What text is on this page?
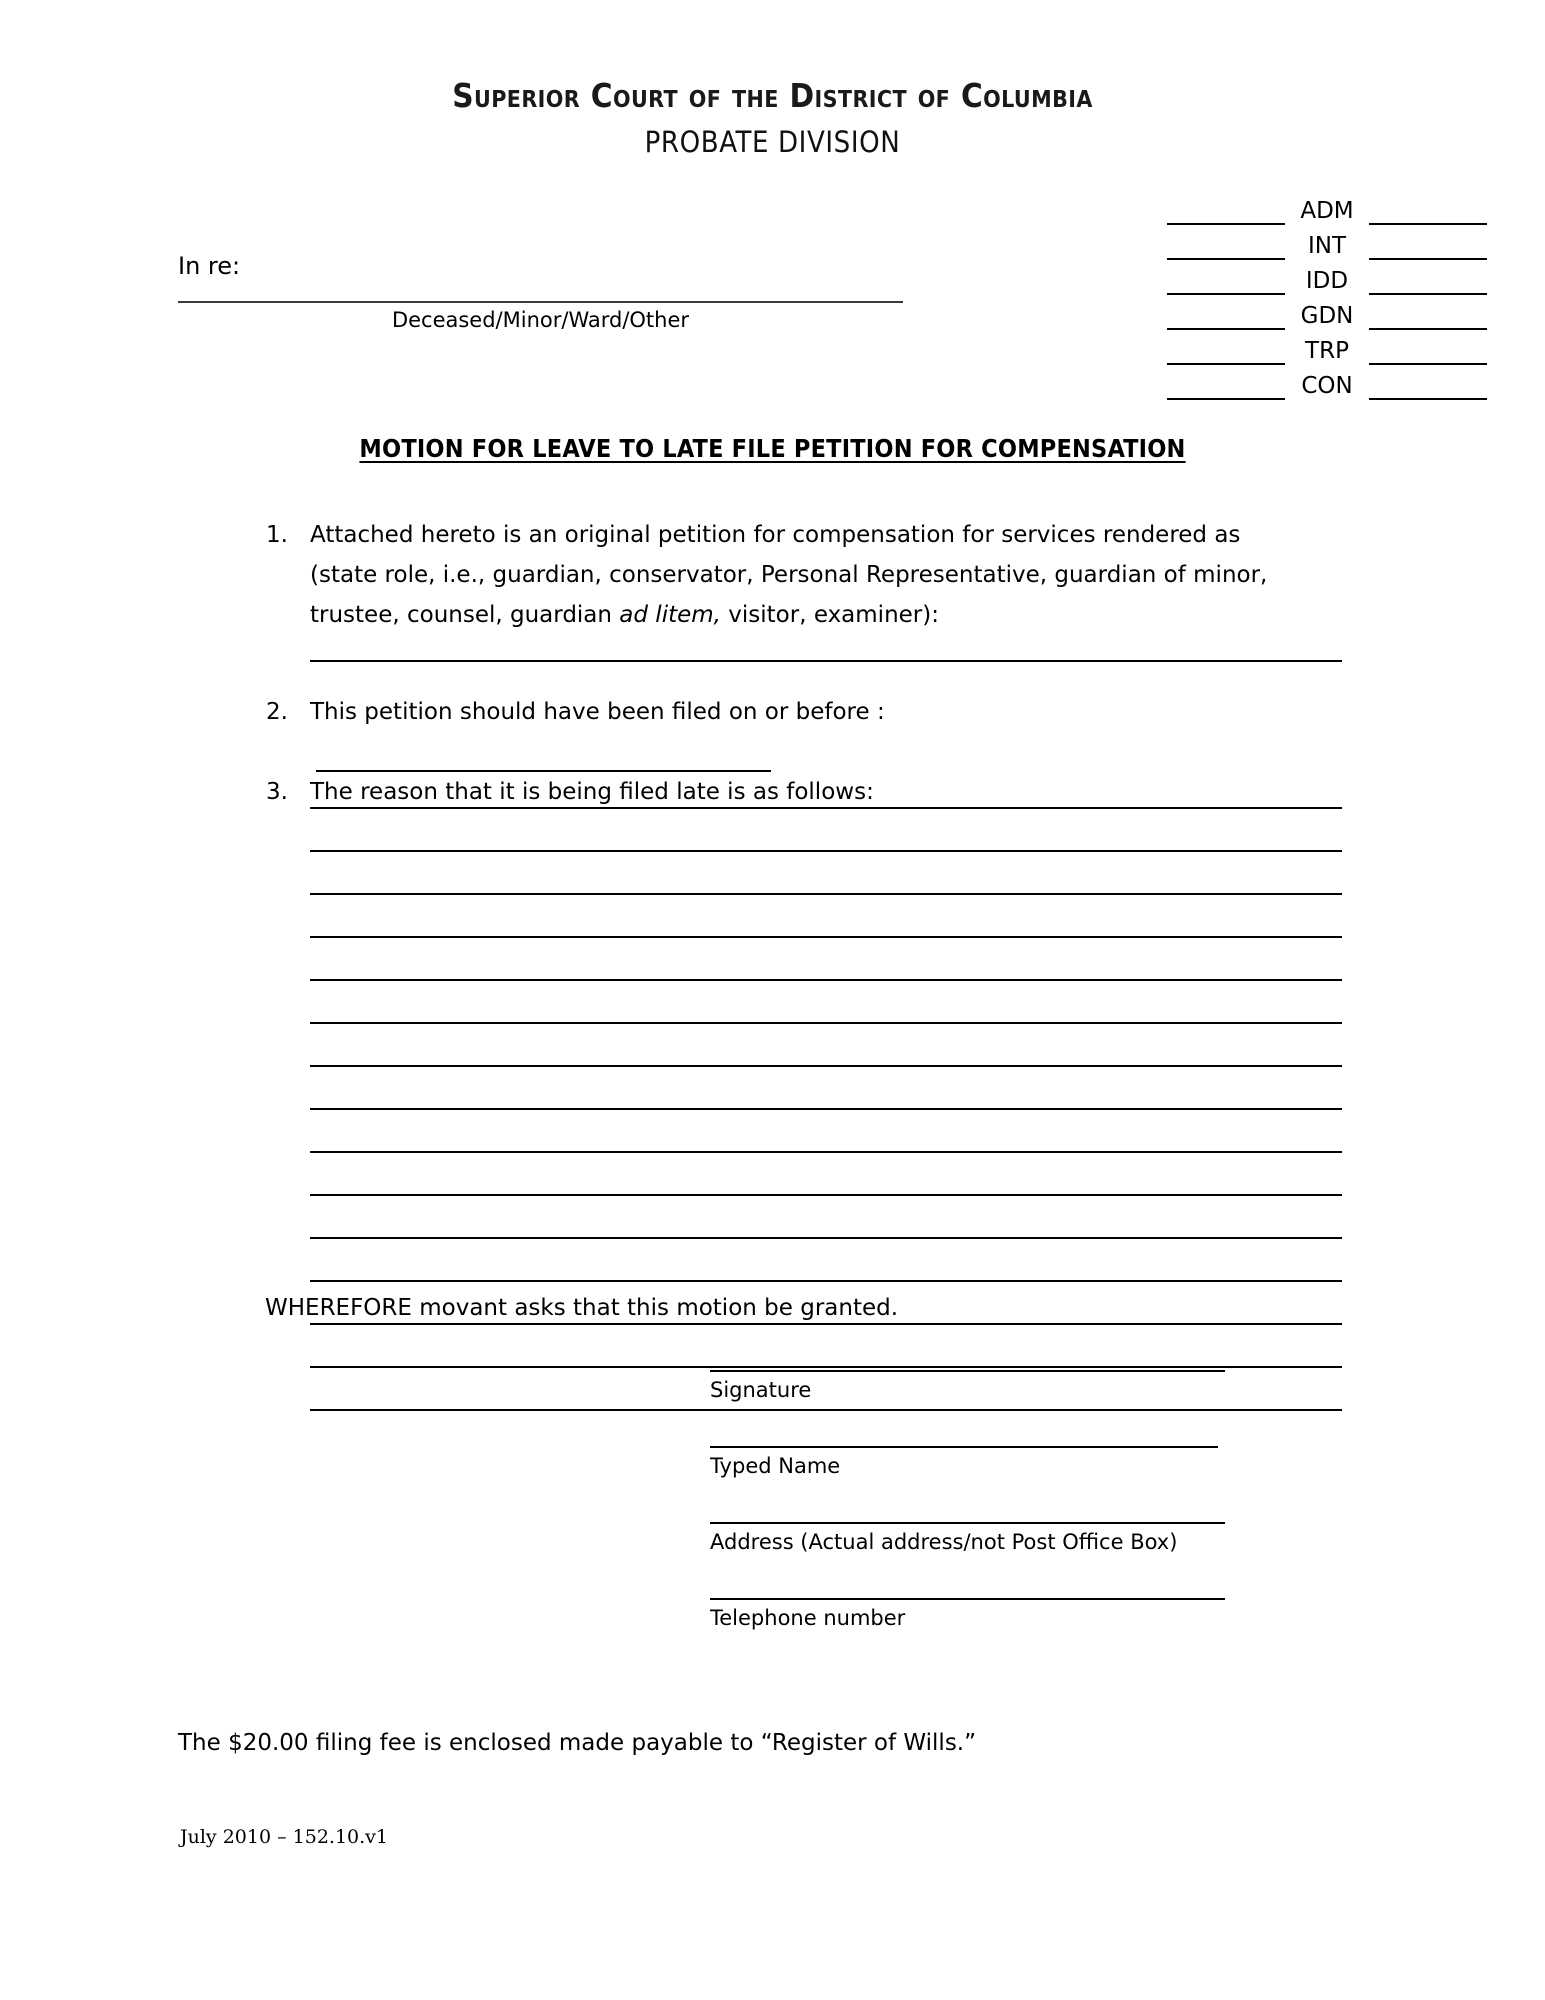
Superior Court of the District of Columbia
PROBATE DIVISION
ADM
INT
IDD
GDN
TRP
CON
In re:
Deceased/Minor/Ward/Other
MOTION FOR LEAVE TO LATE FILE PETITION FOR COMPENSATION
1. Attached hereto is an original petition for compensation for services rendered as (state role, i.e., guardian, conservator, Personal Representative, guardian of minor, trustee, counsel, guardian ad litem, visitor, examiner):
2. This petition should have been filed on or before :
3. The reason that it is being filed late is as follows:
WHEREFORE movant asks that this motion be granted.
Signature
Typed Name
Address (Actual address/not Post Office Box)
Telephone number
The $20.00 filing fee is enclosed made payable to “Register of Wills.”
July 2010 – 152.10.v1
